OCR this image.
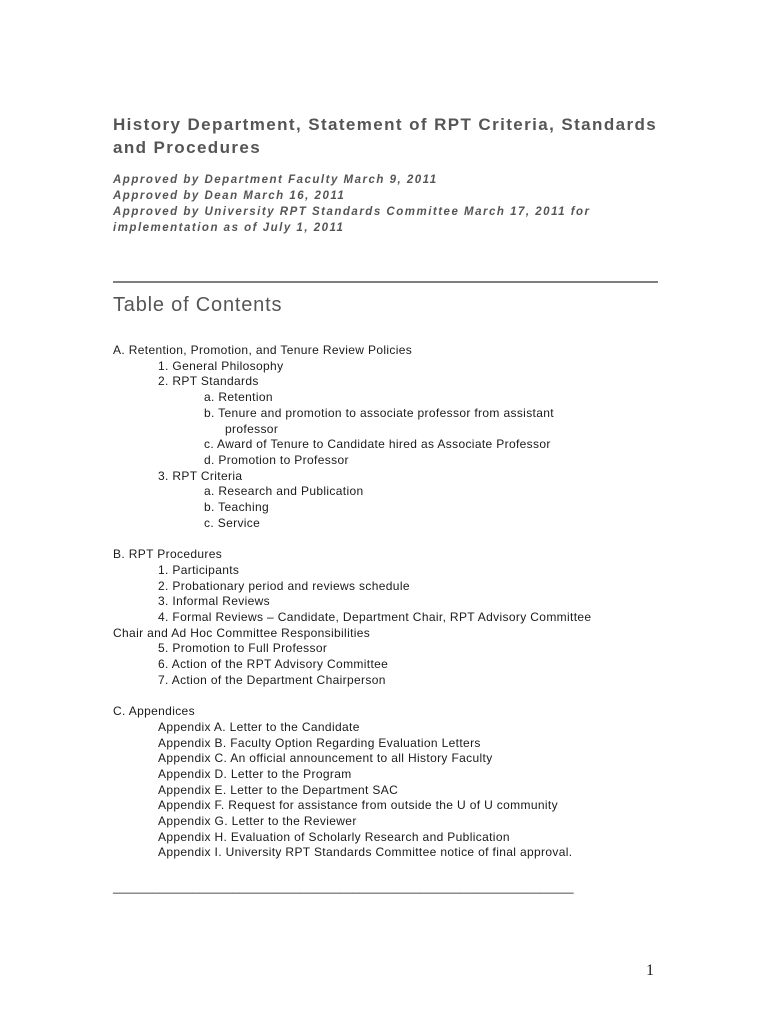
History Department, Statement of RPT Criteria, Standards and Procedures
Approved by Department Faculty March 9, 2011
Approved by Dean March 16, 2011
Approved by University RPT Standards Committee March 17, 2011 for
implementation as of July 1, 2011
Table of Contents
A. Retention, Promotion, and Tenure Review Policies
1. General Philosophy
2. RPT Standards
a. Retention
b. Tenure and promotion to associate professor from assistant
professor
c. Award of Tenure to Candidate hired as Associate Professor
d. Promotion to Professor
3. RPT Criteria
a. Research and Publication
b. Teaching
c. Service
B. RPT Procedures
1. Participants
2. Probationary period and reviews schedule
3. Informal Reviews
4. Formal Reviews – Candidate, Department Chair, RPT Advisory Committee
Chair and Ad Hoc Committee Responsibilities
5. Promotion to Full Professor
6. Action of the RPT Advisory Committee
7. Action of the Department Chairperson
C. Appendices
Appendix A. Letter to the Candidate
Appendix B. Faculty Option Regarding Evaluation Letters
Appendix C. An official announcement to all History Faculty
Appendix D. Letter to the Program
Appendix E. Letter to the Department SAC
Appendix F. Request for assistance from outside the U of U community
Appendix G. Letter to the Reviewer
Appendix H. Evaluation of Scholarly Research and Publication
Appendix I. University RPT Standards Committee notice of final approval.
_____________________________________________________________________
1
